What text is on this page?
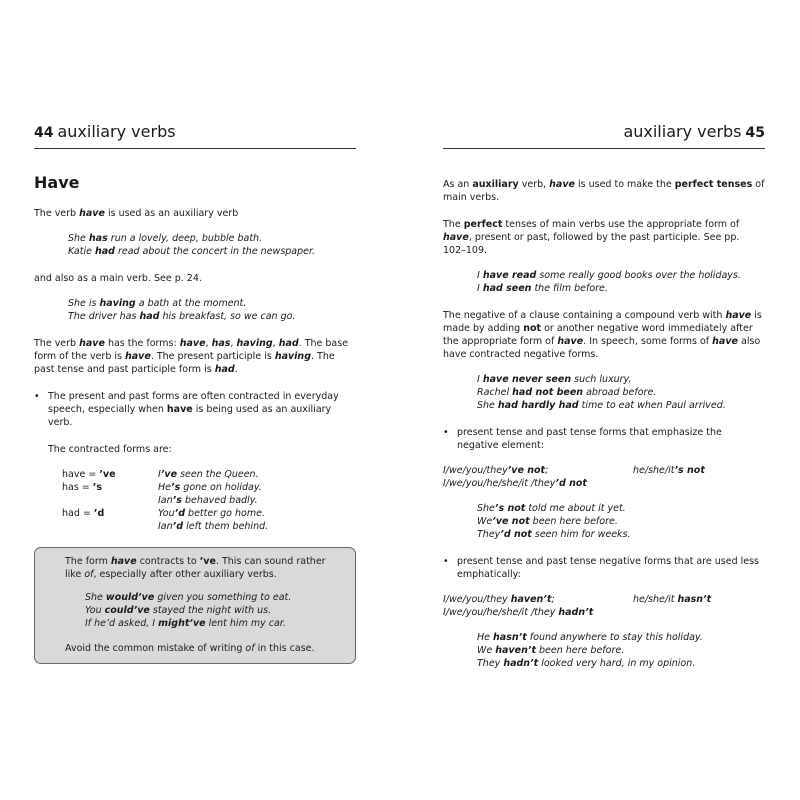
44 auxiliary verbs
Have

The verb have is used as an auxiliary verb

She has run a lovely, deep, bubble bath.
Katie had read about the concert in the newspaper.

and also as a main verb. See p. 24.

She is having a bath at the moment.
The driver has had his breakfast, so we can go.

The verb have has the forms: have, has, having, had. The base form of the verb is have. The present participle is having. The past tense and past participle form is had.

• The present and past forms are often contracted in everyday speech, especially when have is being used as an auxiliary verb.

The contracted forms are:

have = ’ve	I’ve seen the Queen.
has = ’s	He’s gone on holiday.
Ian’s behaved badly.
had = ’d	You’d better go home.
Ian’d left them behind.

The form have contracts to ’ve. This can sound rather like of, especially after other auxiliary verbs.

She would’ve given you something to eat.
You could’ve stayed the night with us.
If he’d asked, I might’ve lent him my car.

Avoid the common mistake of writing of in this case.

auxiliary verbs 45

As an auxiliary verb, have is used to make the perfect tenses of main verbs.

The perfect tenses of main verbs use the appropriate form of have, present or past, followed by the past participle. See pp. 102–109.

I have read some really good books over the holidays.
I had seen the film before.

The negative of a clause containing a compound verb with have is made by adding not or another negative word immediately after the appropriate form of have. In speech, some forms of have also have contracted negative forms.

I have never seen such luxury.
Rachel had not been abroad before.
She had hardly had time to eat when Paul arrived.
• present tense and past tense forms that emphasize the negative element:
I/we/you/they’ve not;	he/she/it’s not
I/we/you/he/she/it /they’d not
She’s not told me about it yet.
We’ve not been here before.
They’d not seen him for weeks.
• present tense and past tense negative forms that are used less emphatically:
I/we/you/they haven’t;	he/she/it hasn’t
I/we/you/he/she/it /they hadn’t
He hasn’t found anywhere to stay this holiday.
We haven’t been here before.
They hadn’t looked very hard, in my opinion.
